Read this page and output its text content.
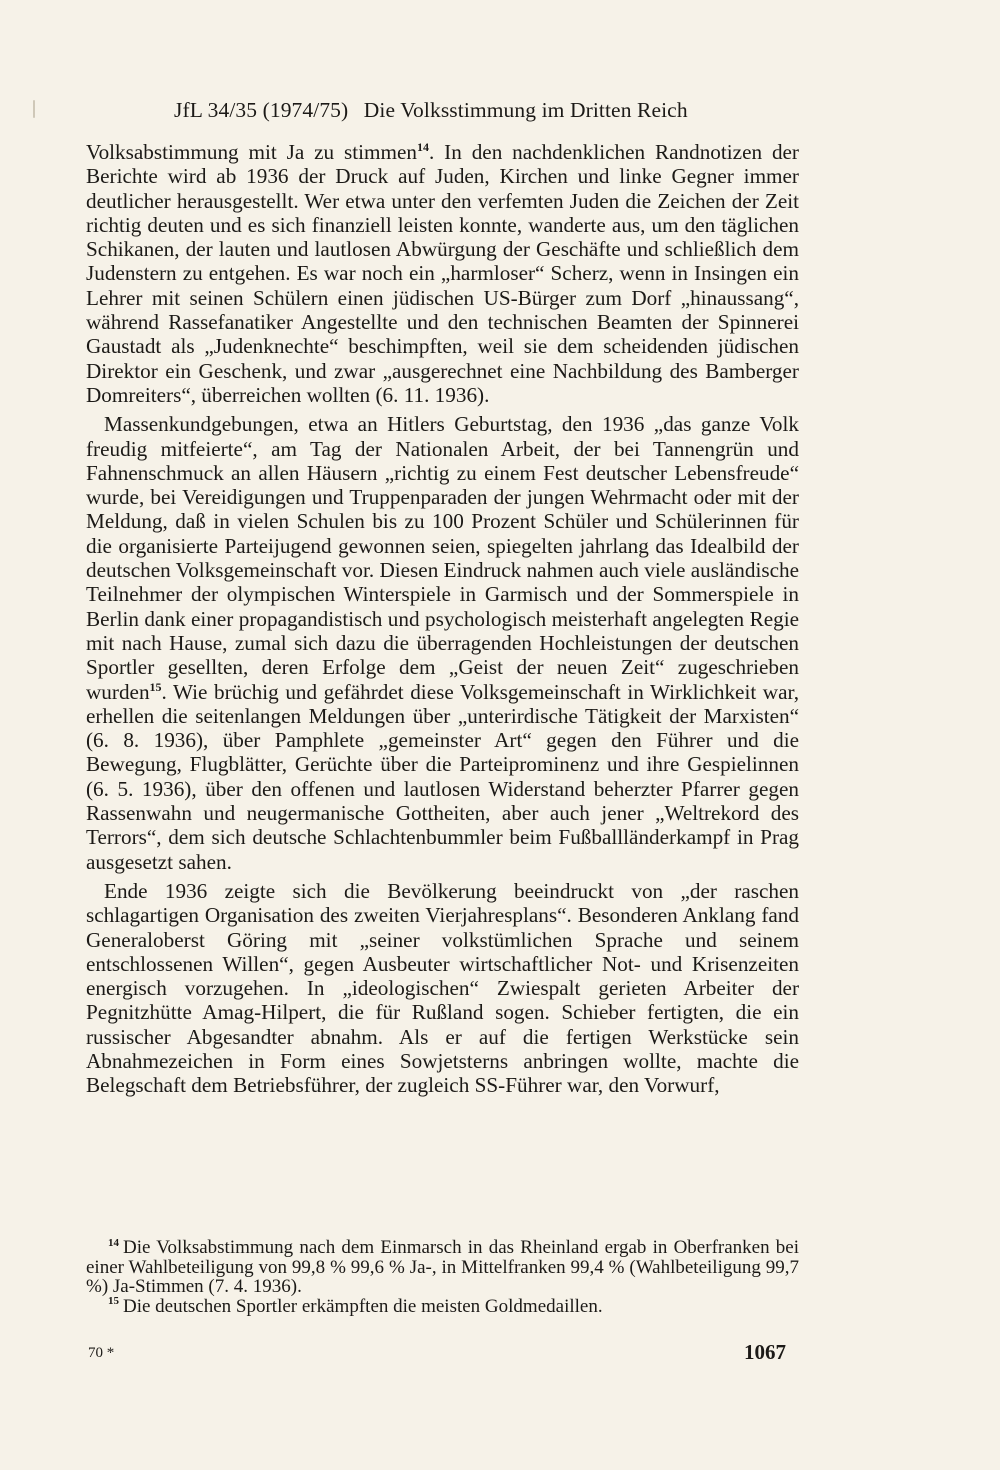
JfL 34/35 (1974/75) Die Volksstimmung im Dritten Reich

Volksabstimmung mit Ja zu stimmen$^{14}$. In den nachdenklichen Randnotizen der Berichte wird ab 1936 der Druck auf Juden, Kirchen und linke Gegner immer deutlicher herausgestellt. Wer etwa unter den verfemten Juden die Zeichen der Zeit richtig deuten und es sich finanziell leisten konnte, wanderte aus, um den täglichen Schikanen, der lauten und lautlosen Abwürgung der Geschäfte und schließlich dem Judenstern zu entgehen. Es war noch ein „harmloser“ Scherz, wenn in Insingen ein Lehrer mit seinen Schülern einen jüdischen US-Bürger zum Dorf „hinaussang“, während Rassefanatiker Angestellte und den technischen Beamten der Spinnerei Gaustadt als „Judenknechte“ beschimpften, weil sie dem scheidenden jüdischen Direktor ein Geschenk, und zwar „ausgerechnet eine Nachbildung des Bamberger Domreiters“, überreichen wollten (6. 11. 1936).

Massenkundgebungen, etwa an Hitlers Geburtstag, den 1936 „das ganze Volk freudig mitfeierte“, am Tag der Nationalen Arbeit, der bei Tannengrün und Fahnenschmuck an allen Häusern „richtig zu einem Fest deutscher Lebensfreude“ wurde, bei Vereidigungen und Truppenparaden der jungen Wehrmacht oder mit der Meldung, daß in vielen Schulen bis zu 100 Prozent Schüler und Schülerinnen für die organisierte Parteijugend gewonnen seien, spiegelten jahrlang das Idealbild der deutschen Volksgemeinschaft vor. Diesen Eindruck nahmen auch viele ausländische Teilnehmer der olympischen Winterspiele in Garmisch und der Sommerspiele in Berlin dank einer propagandistisch und psychologisch meisterhaft angelegten Regie mit nach Hause, zumal sich dazu die überragenden Hochleistungen der deutschen Sportler gesellten, deren Erfolge dem „Geist der neuen Zeit“ zugeschrieben wurden$^{15}$. Wie brüchig und gefährdet diese Volksgemeinschaft in Wirklichkeit war, erhellen die seitenlangen Meldungen über „unterirdische Tätigkeit der Marxisten“ (6. 8. 1936), über Pamphlete „gemeinster Art“ gegen den Führer und die Bewegung, Flugblätter, Gerüchte über die Parteiprominenz und ihre Gespielinnen (6. 5. 1936), über den offenen und lautlosen Widerstand beherzter Pfarrer gegen Rassenwahn und neugermanische Gottheiten, aber auch jener „Weltrekord des Terrors“, dem sich deutsche Schlachtenbummler beim Fußballländerkampf in Prag ausgesetzt sahen.

Ende 1936 zeigte sich die Bevölkerung beeindruckt von „der raschen schlagartigen Organisation des zweiten Vierjahresplans“. Besonderen Anklang fand Generaloberst Göring mit „seiner volkstümlichen Sprache und seinem entschlossenen Willen“, gegen Ausbeuter wirtschaftlicher Not- und Krisenzeiten energisch vorzugehen. In „ideologischen“ Zwiespalt gerieten Arbeiter der Pegnitzhütte Amag-Hilpert, die für Rußland sogen. Schieber fertigten, die ein russischer Abgesandter abnahm. Als er auf die fertigen Werkstücke sein Abnahmezeichen in Form eines Sowjetsterns anbringen wollte, machte die Belegschaft dem Betriebsführer, der zugleich SS-Führer war, den Vorwurf,

$^{14}$ Die Volksabstimmung nach dem Einmarsch in das Rheinland ergab in Oberfranken bei einer Wahlbeteiligung von 99,8 % 99,6 % Ja-, in Mittelfranken 99,4 % (Wahlbeteiligung 99,7 %) Ja-Stimmen (7. 4. 1936).

$^{15}$ Die deutschen Sportler erkämpften die meisten Goldmedaillen.

70 *	1067
